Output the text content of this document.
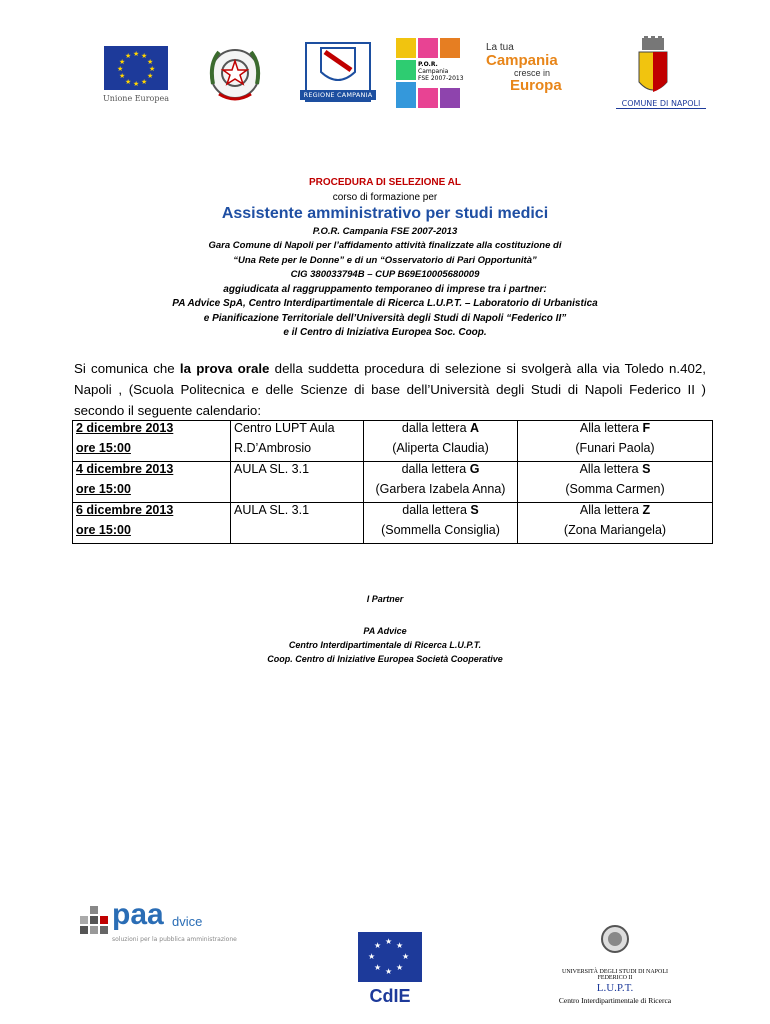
★ ★
★
★
★
★
★
★
★
★
★
★
Unione Europea	REGIONE CAMPANIA
P.O.R.
Campania
FSE 2007-2013
La tua
Campania
cresce in
Europa
COMUNE DI NAPOLI
PROCEDURA DI SELEZIONE AL
corso di formazione per
Assistente amministrativo per studi medici
P.O.R. Campania FSE 2007-2013
Gara Comune di Napoli per l’affidamento attività finalizzate alla costituzione di
“Una Rete per le Donne” e di un “Osservatorio di Pari Opportunità”
CIG 380033794B – CUP B69E10005680009
aggiudicata al raggruppamento temporaneo di imprese tra i partner:
PA Advice SpA, Centro Interdipartimentale di Ricerca L.U.P.T. – Laboratorio di Urbanistica
e Pianificazione Territoriale dell’Università degli Studi di Napoli “Federico II”
e il Centro di Iniziativa Europea Soc. Coop.
Si comunica che la prova orale della suddetta procedura di selezione si svolgerà alla via Toledo n.402, Napoli , (Scuola Politecnica e delle Scienze di base dell’Università degli Studi di Napoli Federico II ) secondo il seguente calendario:
2 dicembre 2013	Centro LUPT Aula	dalla lettera A	Alla lettera F
ore 15:00	R.D’Ambrosio	(Aliperta Claudia)	(Funari Paola)
4 dicembre 2013	AULA SL. 3.1	dalla lettera G	Alla lettera S
ore 15:00		(Garbera Izabela Anna)	(Somma Carmen)
6 dicembre 2013	AULA SL. 3.1	dalla lettera S	Alla lettera Z
ore 15:00		(Sommella Consiglia)	(Zona Mariangela)
I Partner
PA Advice
Centro Interdipartimentale di Ricerca L.U.P.T.
Coop. Centro di Iniziative Europea Società Cooperative
paa dvice
soluzioni per la pubblica amministrazione	★ ★
★
★
★
★
★
★
CdIE
UNIVERSITÀ DEGLI STUDI DI NAPOLI
FEDERICO II
L.U.P.T.
Centro Interdipartimentale di Ricerca
